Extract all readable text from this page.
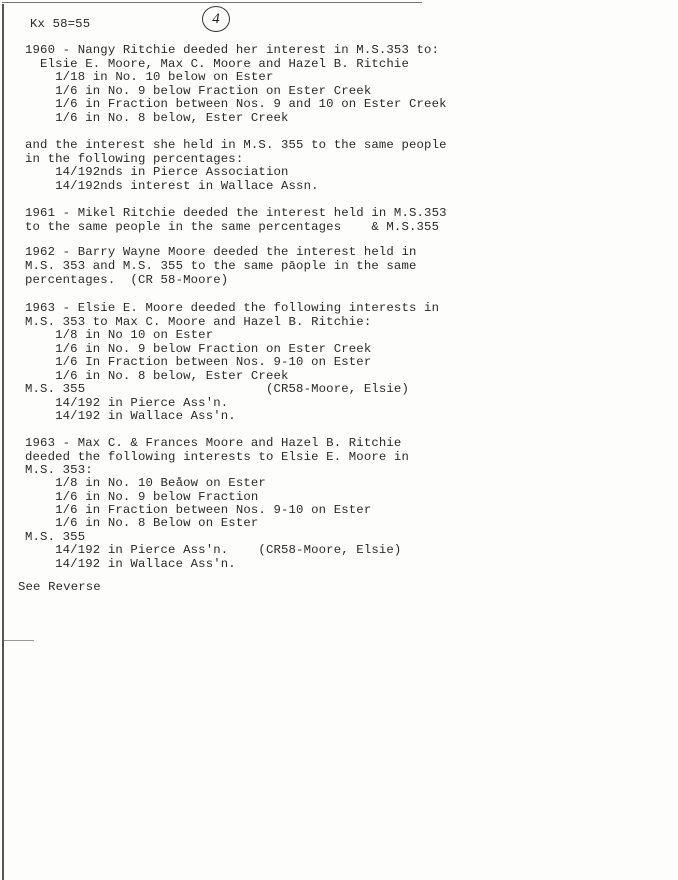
Kx 58=55	4
1960 - Nangy Ritchie deeded her interest in M.S.353 to:
Elsie E. Moore, Max C. Moore and Hazel B. Ritchie
1/18 in No. 10 below on Ester
1/6 in No. 9 below Fraction on Ester Creek
1/6 in Fraction between Nos. 9 and 10 on Ester Creek
1/6 in No. 8 below, Ester Creek
and the interest she held in M.S. 355 to the same people
in the following percentages:
14/192nds in Pierce Association
14/192nds interest in Wallace Assn.
1961 - Mikel Ritchie deeded the interest held in M.S.353
to the same people in the same percentages    & M.S.355
1962 - Barry Wayne Moore deeded the interest held in
M.S. 353 and M.S. 355 to the same pāople in the same
percentages.  (CR 58-Moore)
1963 - Elsie E. Moore deeded the following interests in
M.S. 353 to Max C. Moore and Hazel B. Ritchie:
1/8 in No 10 on Ester
1/6 in No. 9 below Fraction on Ester Creek
1/6 In Fraction between Nos. 9-10 on Ester
1/6 in No. 8 below, Ester Creek
M.S. 355                        (CR58-Moore, Elsie)
14/192 in Pierce Ass'n.
14/192 in Wallace Ass'n.
1963 - Max C. & Frances Moore and Hazel B. Ritchie
deeded the following interests to Elsie E. Moore in
M.S. 353:
1/8 in No. 10 Beåow on Ester
1/6 in No. 9 below Fraction
1/6 in Fraction between Nos. 9-10 on Ester
1/6 in No. 8 Below on Ester
M.S. 355
14/192 in Pierce Ass'n.    (CR58-Moore, Elsie)
14/192 in Wallace Ass'n.
See Reverse
